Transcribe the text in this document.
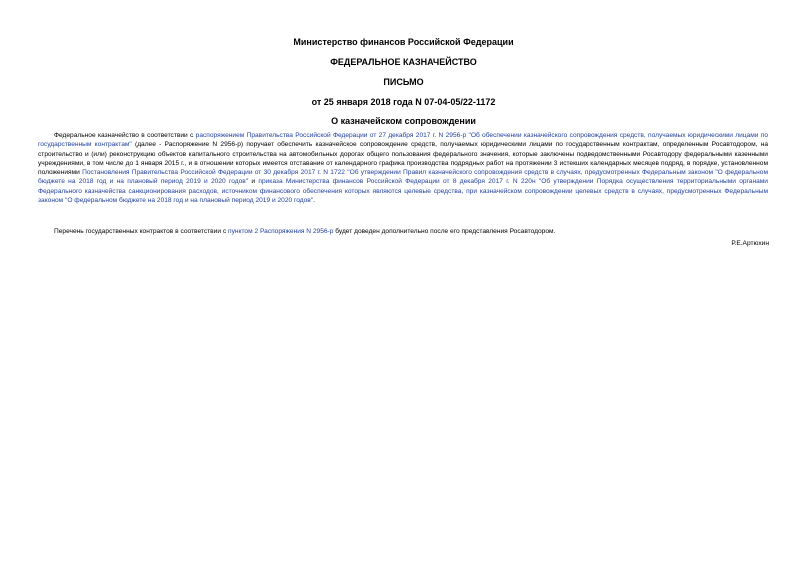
Министерство финансов Российской Федерации
ФЕДЕРАЛЬНОЕ КАЗНАЧЕЙСТВО
ПИСЬМО
от 25 января 2018 года N 07-04-05/22-1172
О казначейском сопровождении

Федеральное казначейство в соответствии с распоряжением Правительства Российской Федерации от 27 декабря 2017 г. N 2956-р "Об обеспечении казначейского сопровождения средств, получаемых юридическими лицами по государственным контрактам" (далее - Распоряжение N 2956-р) поручает обеспечить казначейское сопровождение средств, получаемых юридическими лицами по государственным контрактам, определенным Росавтодором, на строительство и (или) реконструкцию объектов капитального строительства на автомобильных дорогах общего пользования федерального значения, которые заключены подведомственными Росавтодору федеральными казенными учреждениями, в том числе до 1 января 2015 г., и в отношении которых имеется отставание от календарного графика производства подрядных работ на протяжении 3 истекших календарных месяцев подряд, в порядке, установленном положениями Постановления Правительства Российской Федерации от 30 декабря 2017 г. N 1722 "Об утверждении Правил казначейского сопровождения средств в случаях, предусмотренных Федеральным законом "О федеральном бюджете на 2018 год и на плановый период 2019 и 2020 годов" и приказа Министерства финансов Российской Федерации от 8 декабря 2017 г. N 220н "Об утверждении Порядка осуществления территориальными органами Федерального казначейства санкционирования расходов, источником финансового обеспечения которых являются целевые средства, при казначейском сопровождении целевых средств в случаях, предусмотренных Федеральным законом "О федеральном бюджете на 2018 год и на плановый период 2019 и 2020 годов".

Перечень государственных контрактов в соответствии с пунктом 2 Распоряжения N 2956-р будет доведен дополнительно после его представления Росавтодором.

Р.Е.Артюхин
